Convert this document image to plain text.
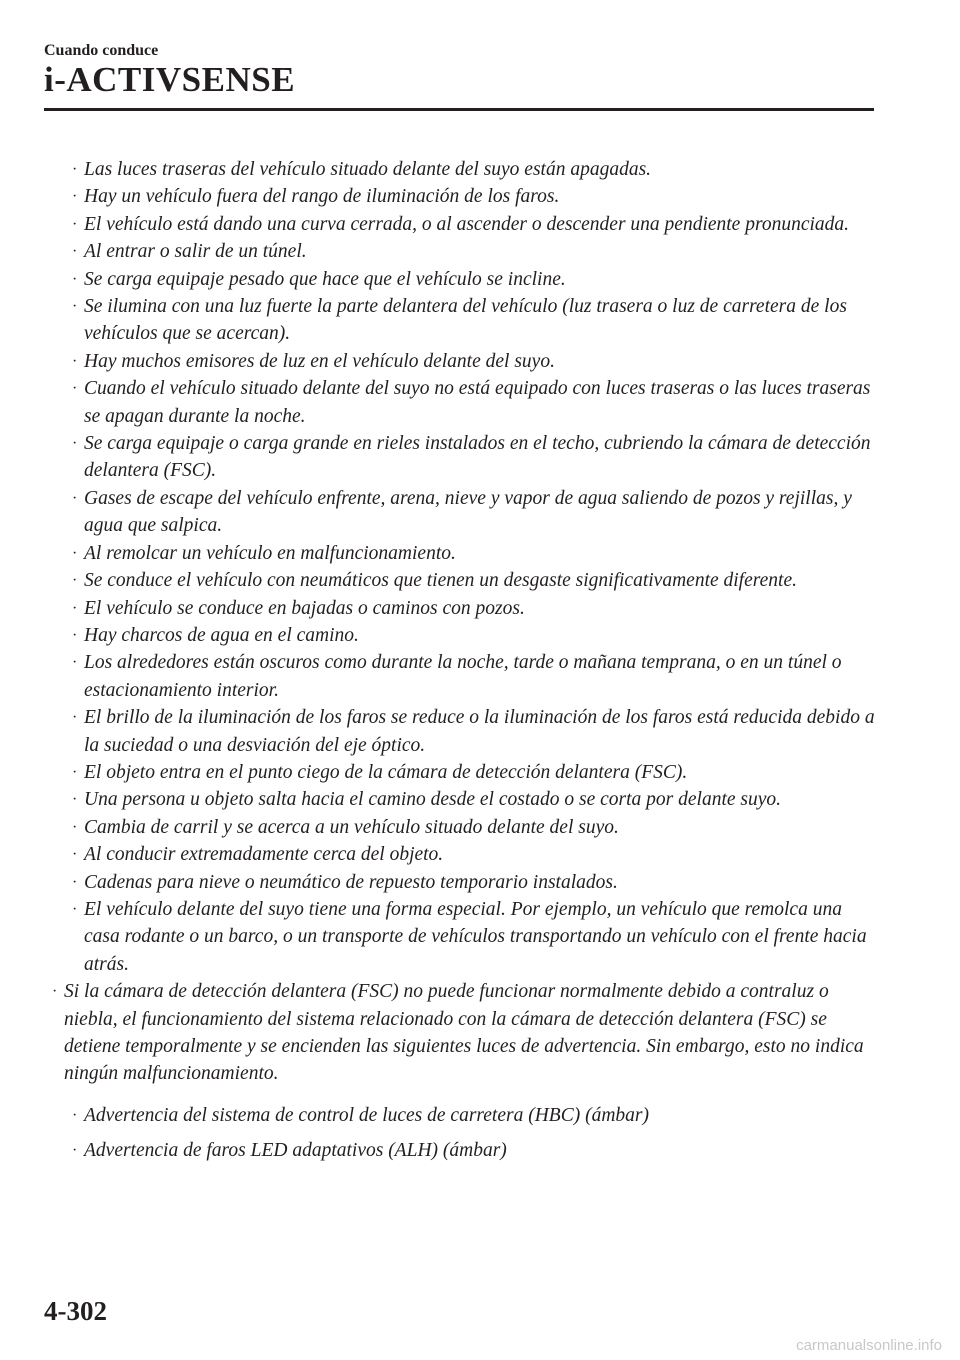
Cuando conduce
i-ACTIVSENSE
· Las luces traseras del vehículo situado delante del suyo están apagadas.
· Hay un vehículo fuera del rango de iluminación de los faros.
· El vehículo está dando una curva cerrada, o al ascender o descender una pendiente pronunciada.
· Al entrar o salir de un túnel.
· Se carga equipaje pesado que hace que el vehículo se incline.
· Se ilumina con una luz fuerte la parte delantera del vehículo (luz trasera o luz de carretera de los vehículos que se acercan).
· Hay muchos emisores de luz en el vehículo delante del suyo.
· Cuando el vehículo situado delante del suyo no está equipado con luces traseras o las luces traseras se apagan durante la noche.
· Se carga equipaje o carga grande en rieles instalados en el techo, cubriendo la cámara de detección delantera (FSC).
· Gases de escape del vehículo enfrente, arena, nieve y vapor de agua saliendo de pozos y rejillas, y agua que salpica.
· Al remolcar un vehículo en malfuncionamiento.
· Se conduce el vehículo con neumáticos que tienen un desgaste significativamente diferente.
· El vehículo se conduce en bajadas o caminos con pozos.
· Hay charcos de agua en el camino.
· Los alrededores están oscuros como durante la noche, tarde o mañana temprana, o en un túnel o estacionamiento interior.
· El brillo de la iluminación de los faros se reduce o la iluminación de los faros está reducida debido a la suciedad o una desviación del eje óptico.
· El objeto entra en el punto ciego de la cámara de detección delantera (FSC).
· Una persona u objeto salta hacia el camino desde el costado o se corta por delante suyo.
· Cambia de carril y se acerca a un vehículo situado delante del suyo.
· Al conducir extremadamente cerca del objeto.
· Cadenas para nieve o neumático de repuesto temporario instalados.
· El vehículo delante del suyo tiene una forma especial. Por ejemplo, un vehículo que remolca una casa rodante o un barco, o un transporte de vehículos transportando un vehículo con el frente hacia atrás.
· Si la cámara de detección delantera (FSC) no puede funcionar normalmente debido a contraluz o niebla, el funcionamiento del sistema relacionado con la cámara de detección delantera (FSC) se detiene temporalmente y se encienden las siguientes luces de advertencia. Sin embargo, esto no indica ningún malfuncionamiento.
· Advertencia del sistema de control de luces de carretera (HBC) (ámbar)
· Advertencia de faros LED adaptativos (ALH) (ámbar)
4-302
carmanualsonline.info
